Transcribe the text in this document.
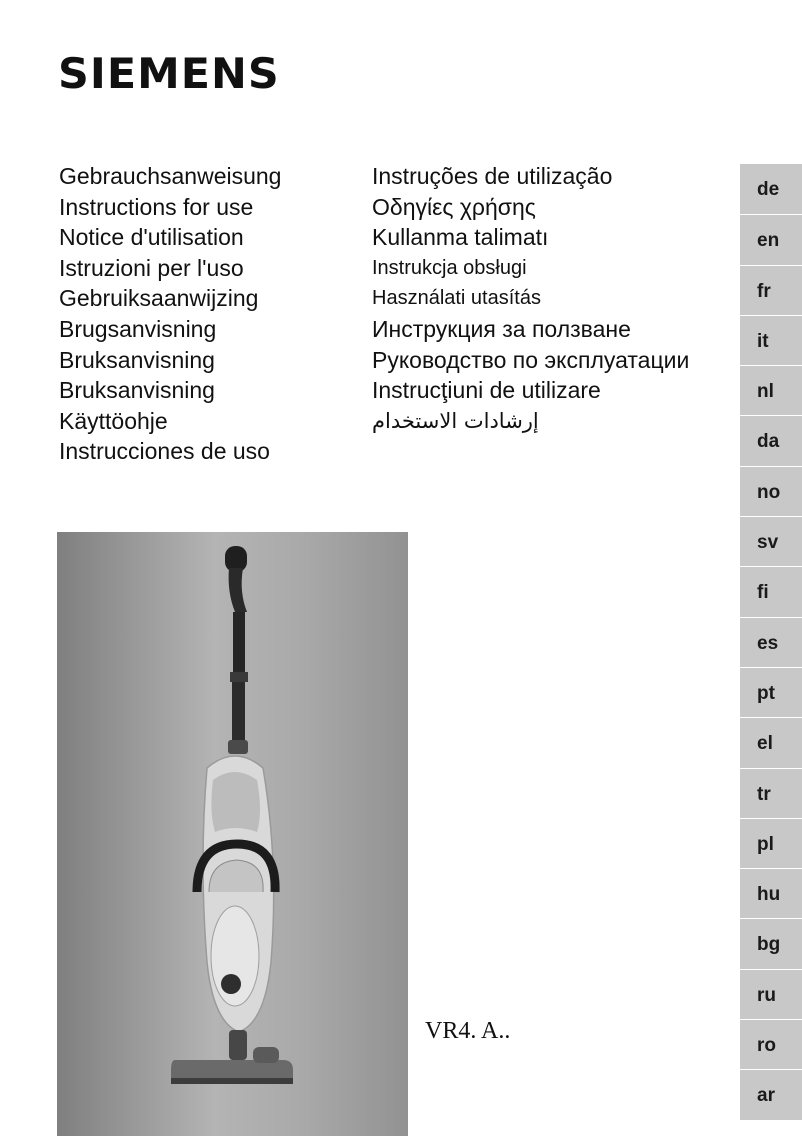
SIEMENS
Gebrauchsanweisung
Instructions for use
Notice d'utilisation
Istruzioni per l'uso
Gebruiksaanwijzing
Brugsanvisning
Bruksanvisning
Bruksanvisning
Käyttöohje
Instrucciones de uso
Instruções de utilização
Οδηγίες χρήσης
Kullanma talimatı
Instrukcja obsługi
Használati utasítás
Инструкция за ползване
Руководство по эксплуатации
Instrucţiuni de utilizare
إرشادات الاستخدام
de
en
fr
it
nl
da
no
sv
fi
es
pt
el
tr
pl
hu
bg
ru
ro
ar
VR4. A..
